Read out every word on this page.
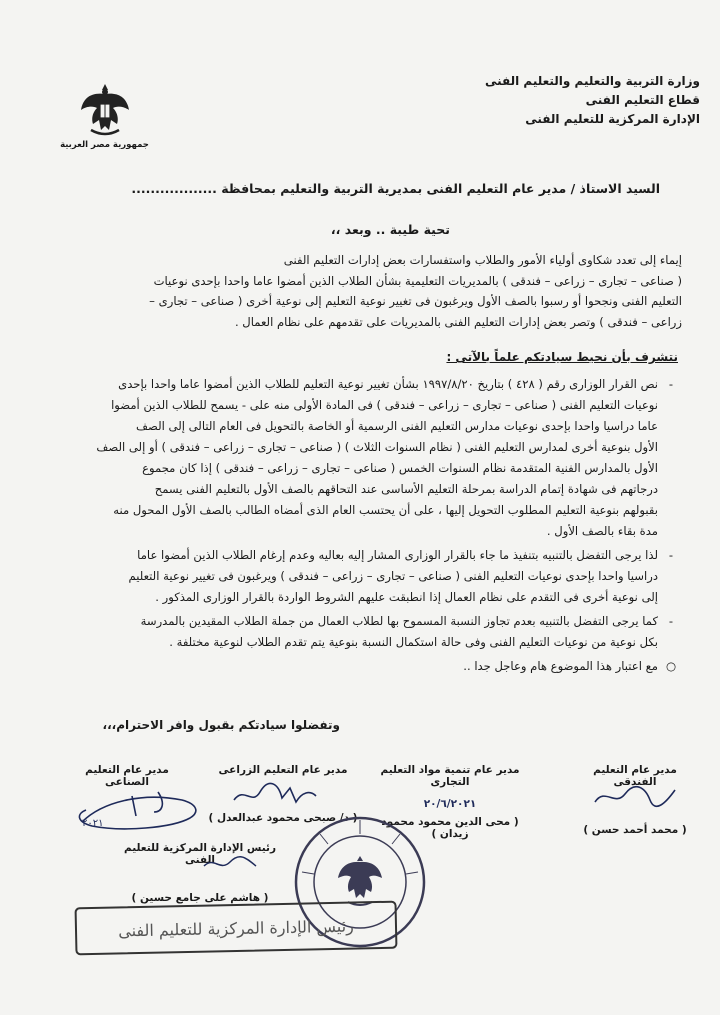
وزارة التربية والتعليم والتعليم الفنى
قطاع التعليم الفنى
الإدارة المركزية للتعليم الفنى
جمهورية مصر العربية
السيد الاستاذ / مدير عام التعليم الفنى بمديرية التربية والتعليم بمحافظة ..................
تحية طيبة .. وبعد ،،
إيماء إلى تعدد شكاوى أولياء الأمور والطلاب واستفسارات بعض إدارات التعليم الفنى
( صناعى – تجارى – زراعى – فندقى ) بالمديريات التعليمية بشأن الطلاب الذين أمضوا عاما واحدا بإحدى نوعيات
التعليم الفنى ونجحوا أو رسبوا بالصف الأول ويرغبون فى تغيير نوعية التعليم إلى نوعية أخرى ( صناعى – تجارى –
زراعى – فندقى ) وتصر بعض إدارات التعليم الفنى بالمديريات على تقدمهم على نظام العمال .
نتشرف بأن نحيط سيادتكم علماً بالآتى :
-
نص القرار الوزارى رقم ( ٤٢٨ ) بتاريخ ١٩٩٧/٨/٢٠ بشأن تغيير نوعية التعليم للطلاب الذين أمضوا عاما واحدا بإحدى
نوعيات التعليم الفنى ( صناعى – تجارى – زراعى – فندقى ) فى المادة الأولى منه على - يسمح للطلاب الذين أمضوا
عاما دراسيا واحدا بإحدى نوعيات مدارس التعليم الفنى الرسمية أو الخاصة بالتحويل فى العام التالى إلى الصف
الأول بنوعية أخرى لمدارس التعليم الفنى ( نظام السنوات الثلاث ) ( صناعى – تجارى – زراعى – فندقى ) أو إلى الصف
الأول بالمدارس الفنية المتقدمة نظام السنوات الخمس ( صناعى – تجارى – زراعى – فندقى ) إذا كان مجموع
درجاتهم فى شهادة إتمام الدراسة بمرحلة التعليم الأساسى عند التحاقهم بالصف الأول بالتعليم الفنى يسمح
بقبولهم بنوعية التعليم المطلوب التحويل إليها ، على أن يحتسب العام الذى أمضاه الطالب بالصف الأول المحول منه
مدة بقاء بالصف الأول .
-
لذا يرجى التفضل بالتنبيه بتنفيذ ما جاء بالقرار الوزارى المشار إليه بعاليه وعدم إرغام الطلاب الذين أمضوا عاما
دراسيا واحدا بإحدى نوعيات التعليم الفنى ( صناعى – تجارى – زراعى – فندقى ) ويرغبون فى تغيير نوعية التعليم
إلى نوعية أخرى فى التقدم على نظام العمال إذا انطبقت عليهم الشروط الواردة بالقرار الوزارى المذكور .
-
كما يرجى التفضل بالتنبيه بعدم تجاوز النسبة المسموح بها لطلاب العمال من جملة الطلاب المقيدين بالمدرسة
بكل نوعية من نوعيات التعليم الفنى وفى حالة استكمال النسبة بنوعية يتم تقدم الطلاب لنوعية مختلفة .
○
مع اعتبار هذا الموضوع هام وعاجل جدا ..
وتفضلوا سيادتكم بقبول وافر الاحترام،،،
مدير عام التعليم الفندقى
( محمد أحمد حسن )
مدير عام تنمية مواد التعليم التجارى
٢٠/٦/٢٠٢١
( محى الدين محمود محمود زيدان )
مدير عام التعليم الزراعى
( د/ صبحى محمود عبدالعدل )
مدير عام التعليم الصناعى
٢٠٢١
رئيس الإدارة المركزية للتعليم الفنى
( هاشم على جامع حسين )
رئيس الإدارة المركزية للتعليم الفنى
